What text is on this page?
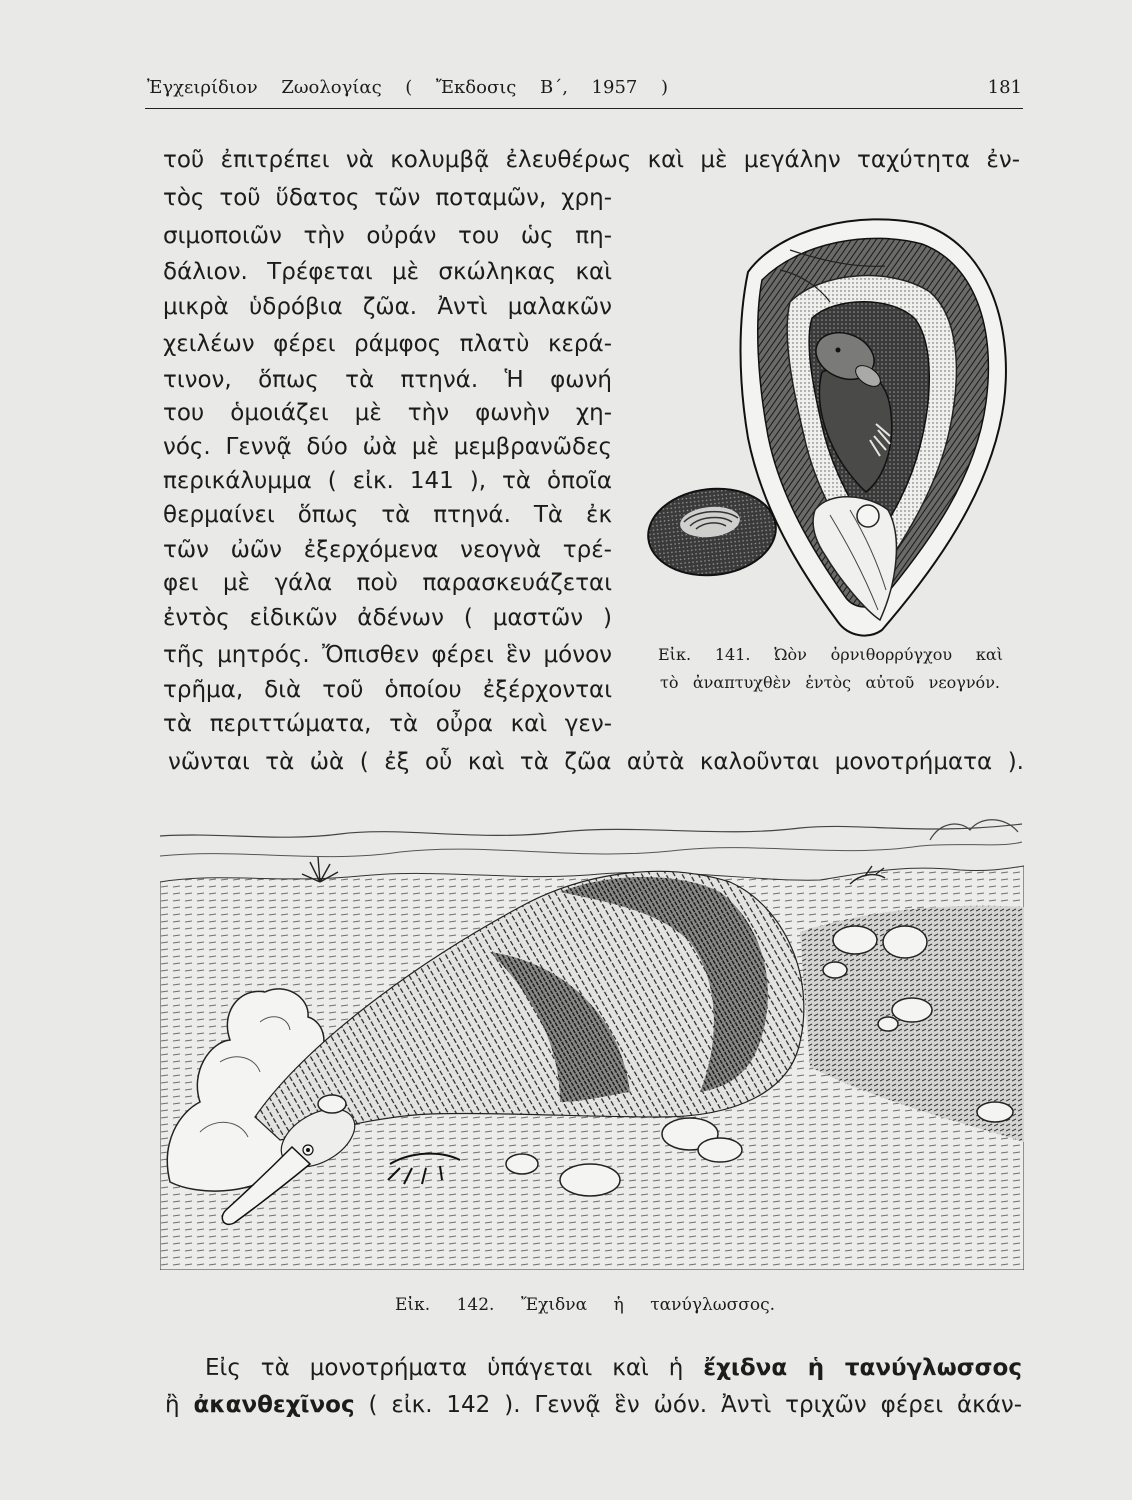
Ἐγχειρίδιον Ζωολογίας ( Ἔκδοσις Β΄, 1957 )	181
τοῦ ἐπιτρέπει νὰ κολυμβᾷ ἐλευθέρως καὶ μὲ μεγάλην ταχύτητα ἐν-
τὸς τοῦ ὕδατος τῶν ποταμῶν, χρη-
σιμοποιῶν τὴν οὐράν του ὡς πη-
δάλιον. Τρέφεται μὲ σκώληκας καὶ
μικρὰ ὑδρόβια ζῶα. Ἀντὶ μαλακῶν
χειλέων φέρει ράμφος πλατὺ κερά-
τινον, ὅπως τὰ πτηνά. Ἡ φωνή
του ὁμοιάζει μὲ τὴν φωνὴν χη-
νός. Γεννᾷ δύο ὠὰ μὲ μεμβρανῶδες
περικάλυμμα ( εἰκ. 141 ), τὰ ὁποῖα
θερμαίνει ὅπως τὰ πτηνά. Τὰ ἐκ
τῶν ὠῶν ἐξερχόμενα νεογνὰ τρέ-
φει μὲ γάλα ποὺ παρασκευάζεται
ἐντὸς εἰδικῶν ἀδένων ( μαστῶν )
τῆς μητρός. Ὄπισθεν φέρει ἓν μόνον
τρῆμα, διὰ τοῦ ὁποίου ἐξέρχονται
τὰ περιττώματα, τὰ οὖρα καὶ γεν-
νῶνται τὰ ὠὰ ( ἐξ οὗ καὶ τὰ ζῶα αὐτὰ καλοῦνται μονοτρήματα ).
Εἰκ. 141. Ὠὸν ὀρνιθορρύγχου καὶ
τὸ ἀναπτυχθὲν ἐντὸς αὐτοῦ νεογνόν.
Εἰκ. 142. Ἔχιδνα ἡ τανύγλωσσος.
Εἰς τὰ μονοτρήματα ὑπάγεται καὶ ἡ ἔχιδνα ἡ τανύγλωσσος
ἢ ἀκανθεχῖνος ( εἰκ. 142 ). Γεννᾷ ἓν ὠόν. Ἀντὶ τριχῶν φέρει ἀκάν-
